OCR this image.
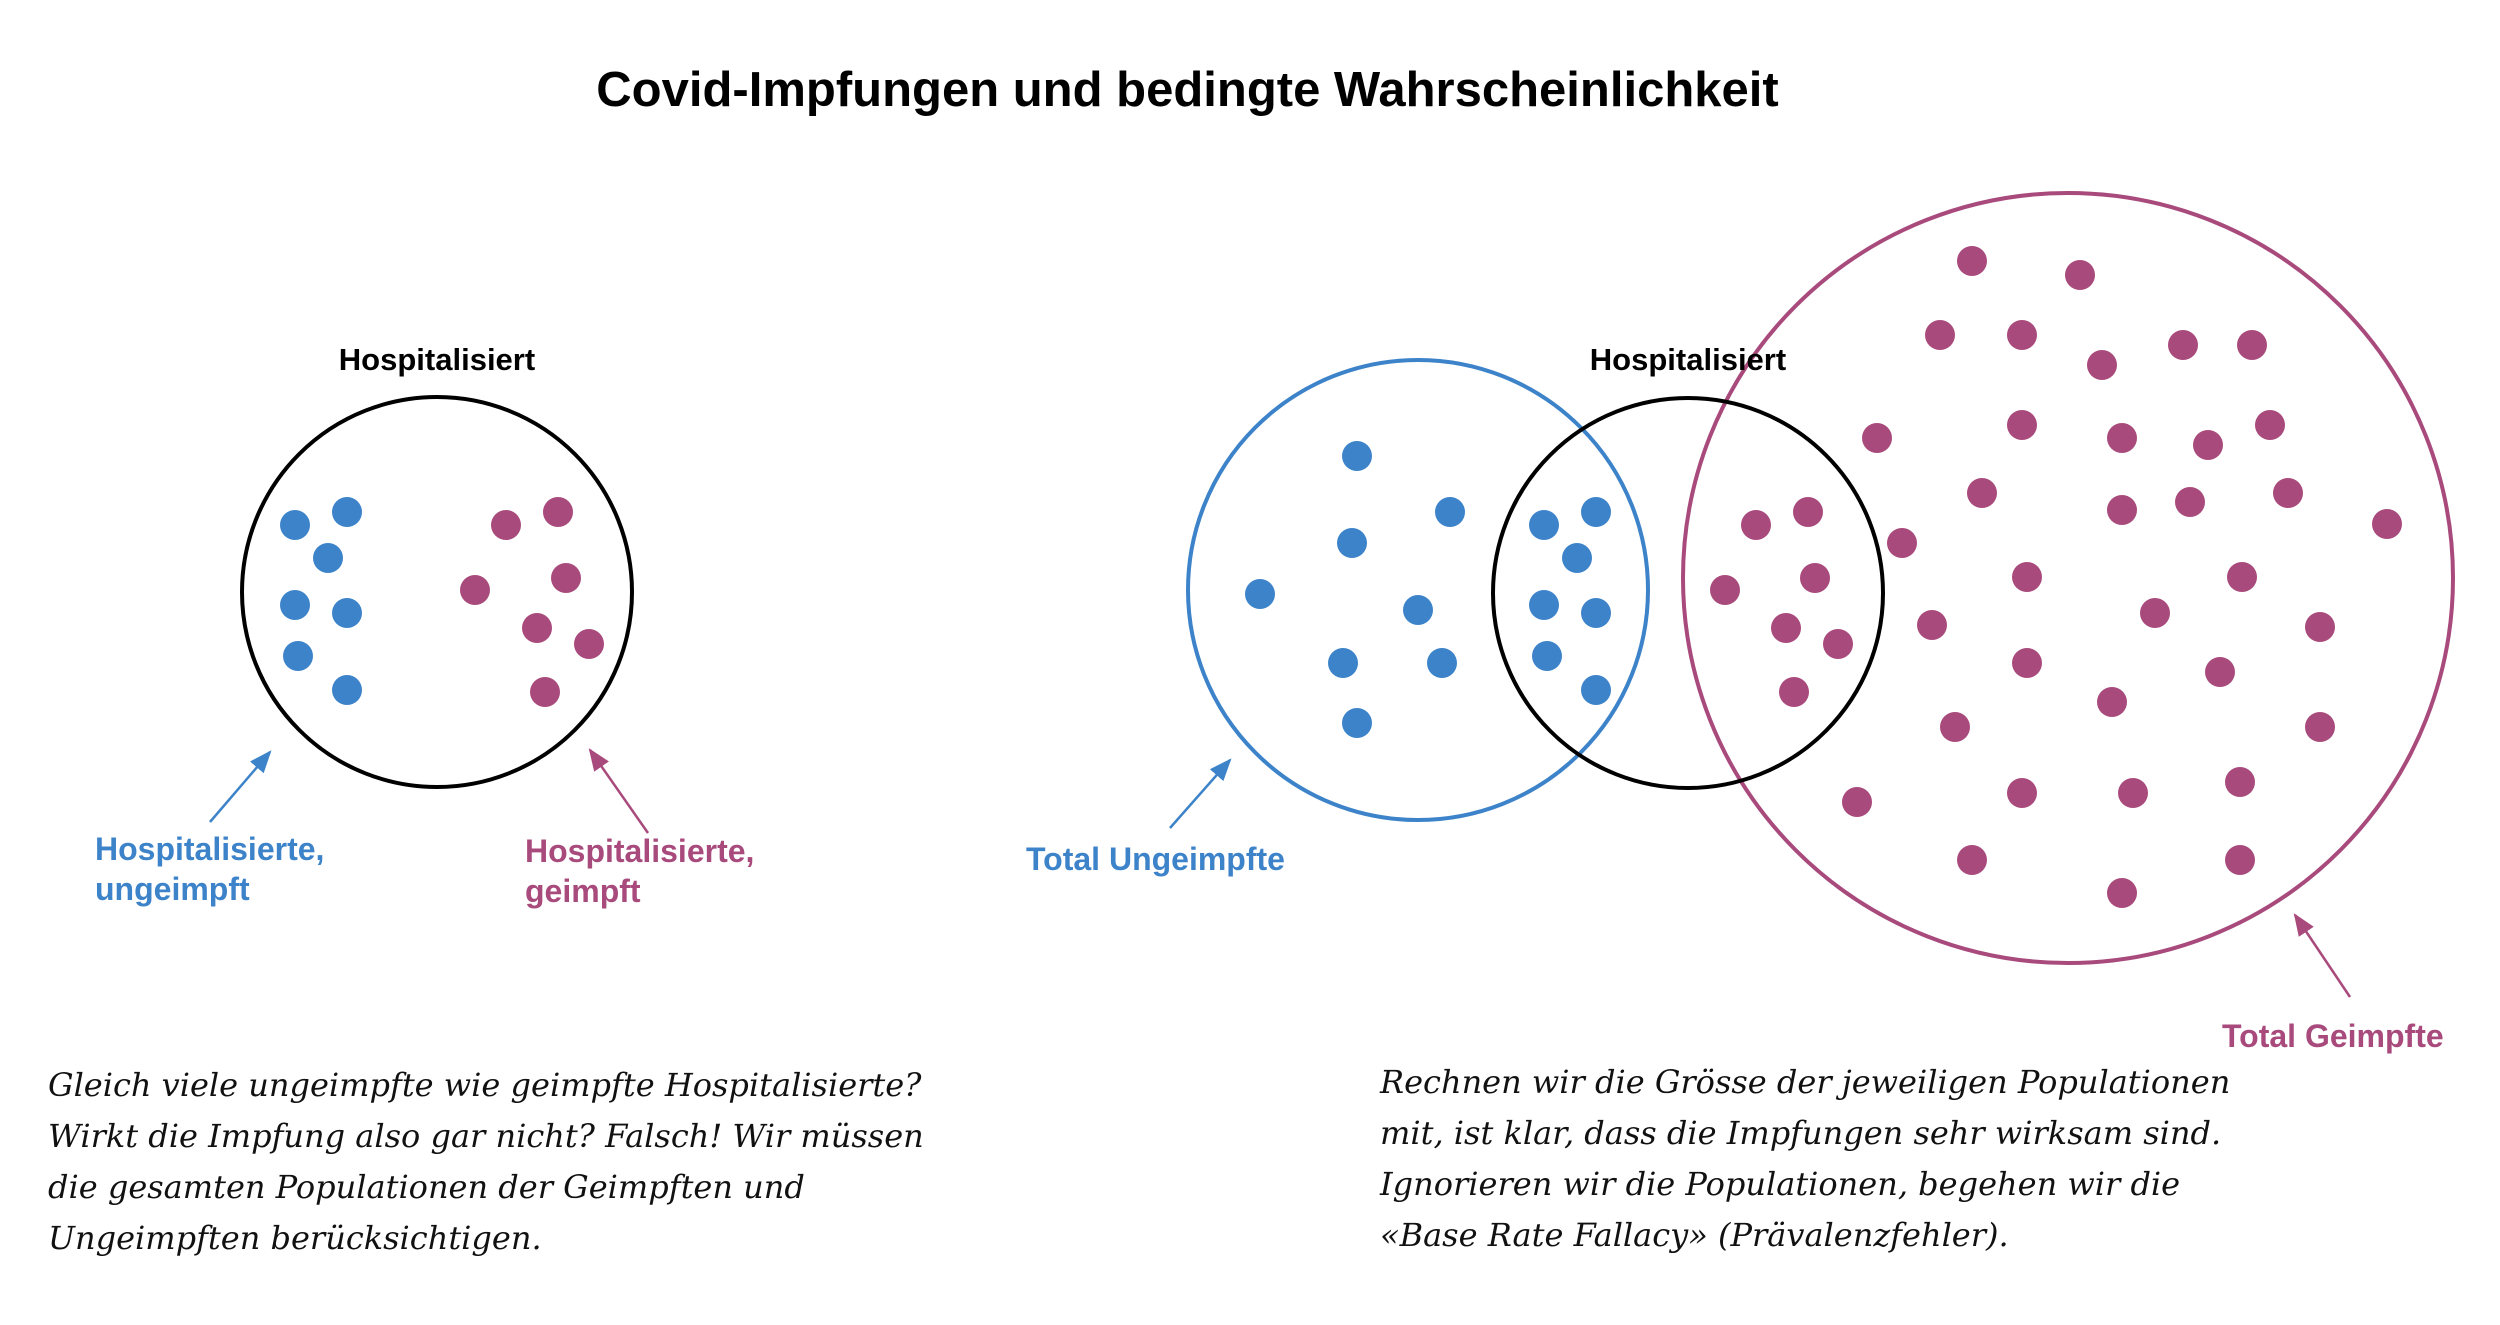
Covid-Impfungen und bedingte Wahrscheinlichkeit
Hospitalisiert
Hospitalisierte, ungeimpft
Hospitalisierte, geimpft
Hospitalisiert
Total Ungeimpfte
Total Geimpfte
Gleich viele ungeimpfte wie geimpfte Hospitalisierte?
Wirkt die Impfung also gar nicht? Falsch! Wir müssen
die gesamten Populationen der Geimpften und
Ungeimpften berücksichtigen.
Rechnen wir die Grösse der jeweiligen Populationen
mit, ist klar, dass die Impfungen sehr wirksam sind.
Ignorieren wir die Populationen, begehen wir die
«Base Rate Fallacy» (Prävalenzfehler).
